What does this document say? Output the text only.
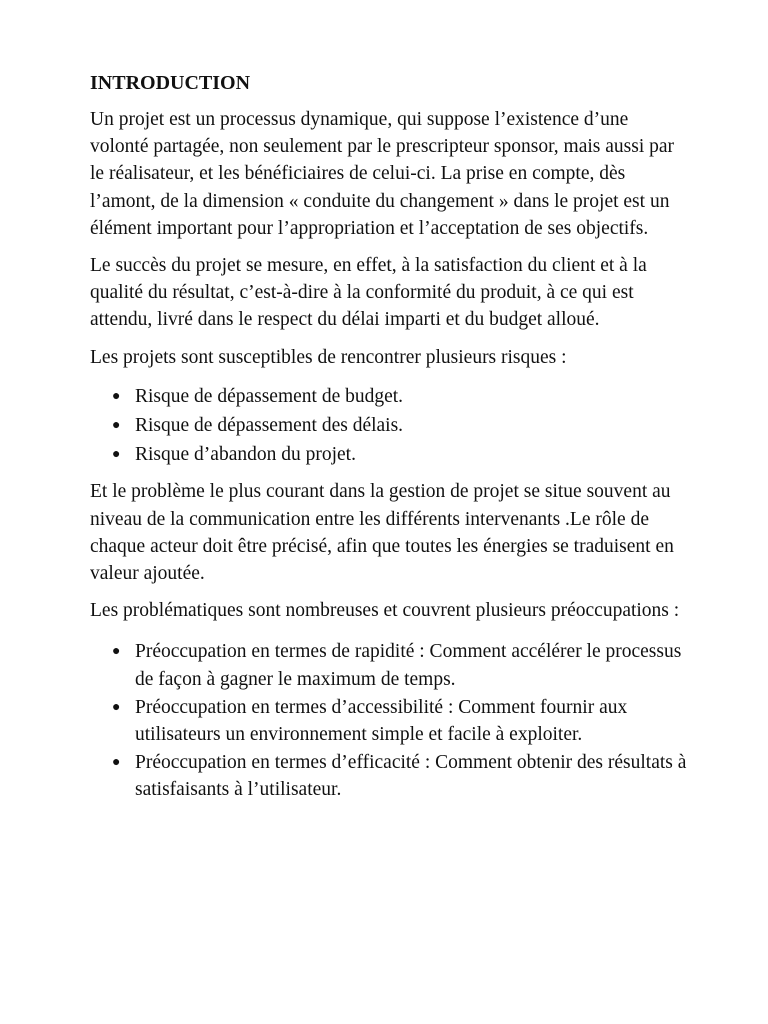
INTRODUCTION

Un projet est un processus dynamique, qui suppose l’existence d’une volonté partagée, non seulement par le prescripteur sponsor, mais aussi par le réalisateur, et les bénéficiaires de celui-ci. La prise en compte, dès l’amont, de la dimension « conduite du changement » dans le projet est un élément important pour l’appropriation et l’acceptation de ses objectifs.

Le succès du projet se mesure, en effet, à la satisfaction du client et à la qualité du résultat, c’est-à-dire à la conformité du produit, à ce qui est attendu, livré dans le respect du délai imparti et du budget alloué.

Les projets sont susceptibles de rencontrer plusieurs risques :

● Risque de dépassement de budget.
● Risque de dépassement des délais.
● Risque d’abandon du projet.

Et le problème le plus courant dans la gestion de projet se situe souvent au niveau de la communication entre les différents intervenants .Le rôle de chaque acteur doit être précisé, afin que toutes les énergies se traduisent en valeur ajoutée.

Les problématiques sont nombreuses et couvrent plusieurs préoccupations :

● Préoccupation en termes de rapidité : Comment accélérer le processus de façon à gagner le maximum de temps.
● Préoccupation en termes d’accessibilité : Comment fournir aux utilisateurs un environnement simple et facile à exploiter.
● Préoccupation en termes d’efficacité : Comment obtenir des résultats à satisfaisants à l’utilisateur.
